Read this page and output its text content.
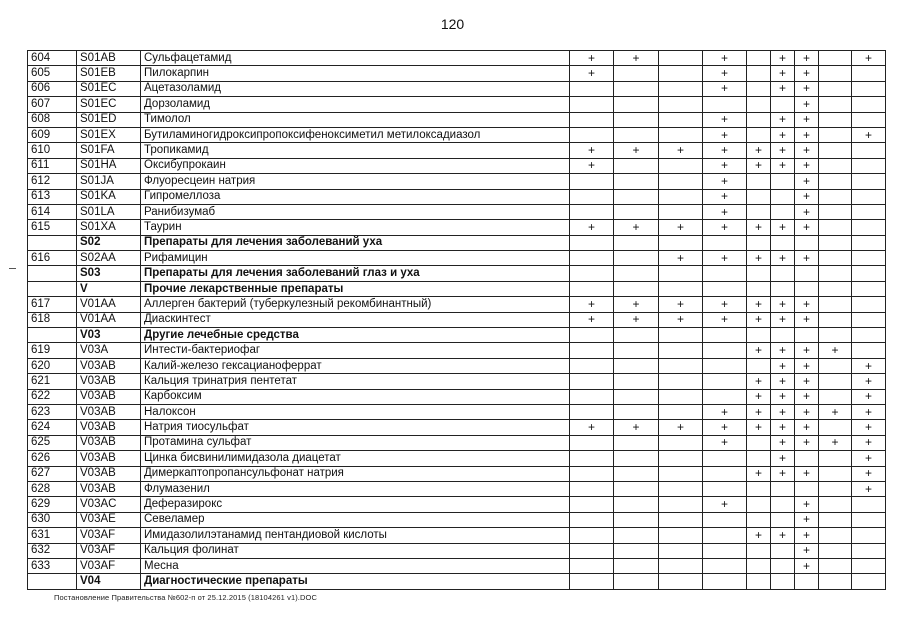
120
604	S01AB	Сульфацетамид	+	+		+		+	+		+
605	S01EB	Пилокарпин	+			+		+	+		
606	S01EC	Ацетазоламид				+		+	+		
607	S01EC	Дорзоламид							+		
608	S01ED	Тимолол				+		+	+		
609	S01EX	Бутиламиногидроксипропоксифеноксиметил метилоксадиазол				+		+	+		+
610	S01FA	Тропикамид	+	+	+	+	+	+	+		
611	S01HA	Оксибупрокаин	+			+	+	+	+		
612	S01JA	Флуоресцеин натрия				+			+		
613	S01KA	Гипромеллоза				+			+		
614	S01LA	Ранибизумаб				+			+		
615	S01XA	Таурин	+	+	+	+	+	+	+		
	S02	Препараты для лечения заболеваний уха									
616	S02AA	Рифамицин			+	+	+	+	+		
	S03	Препараты для лечения заболеваний глаз и уха									
	V	Прочие лекарственные препараты									
617	V01AA	Аллерген бактерий (туберкулезный рекомбинантный)	+	+	+	+	+	+	+		
618	V01AA	Диаскинтест	+	+	+	+	+	+	+		
	V03	Другие лечебные средства									
619	V03A	Интести-бактериофаг					+	+	+	+	
620	V03AB	Калий-железо гексацианоферрат						+	+		+
621	V03AB	Кальция тринатрия пентетат					+	+	+		+
622	V03AB	Карбоксим					+	+	+		+
623	V03AB	Налоксон				+	+	+	+	+	+
624	V03AB	Натрия тиосульфат	+	+	+	+	+	+	+		+
625	V03AB	Протамина сульфат				+		+	+	+	+
626	V03AB	Цинка бисвинилимидазола диацетат						+			+
627	V03AB	Димеркаптопропансульфонат натрия					+	+	+		+
628	V03AB	Флумазенил									+
629	V03AC	Деферазирокс				+			+		
630	V03AE	Севеламер							+		
631	V03AF	Имидазолилэтанамид пентандиовой кислоты					+	+	+		
632	V03AF	Кальция фолинат							+		
633	V03AF	Месна							+		
	V04	Диагностические препараты									
Постановление Правительства №602-п от 25.12.2015 (18104261 v1).DOC
